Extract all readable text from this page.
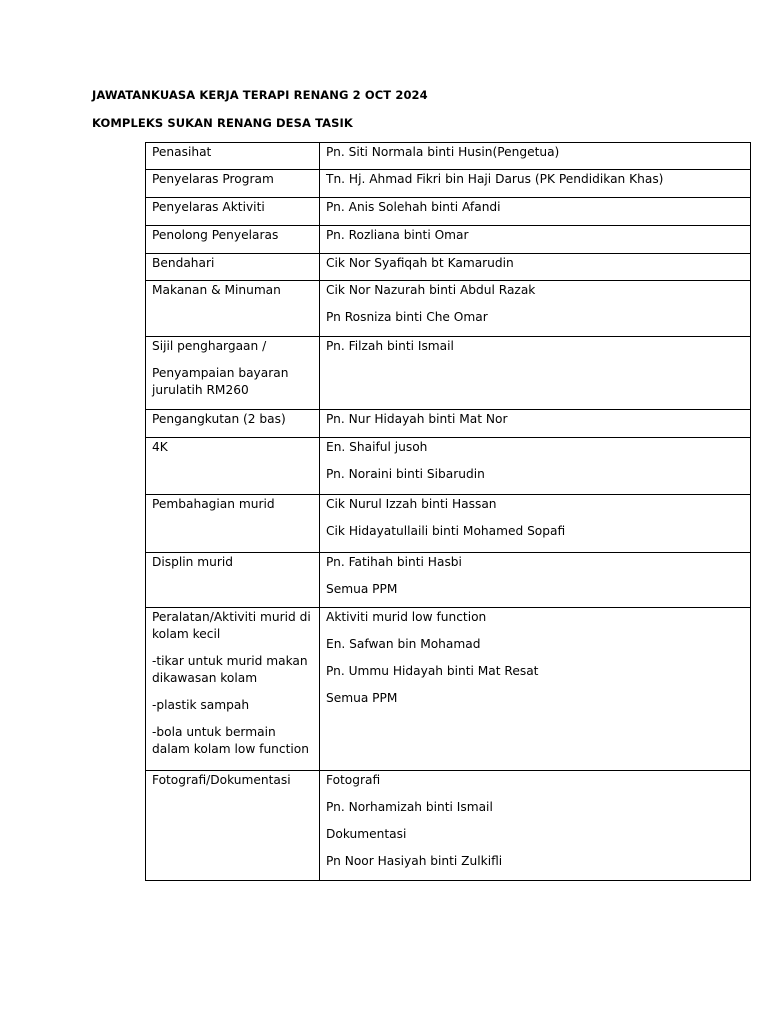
JAWATANKUASA KERJA TERAPI RENANG 2 OCT 2024
KOMPLEKS SUKAN RENANG DESA TASIK
Penasihat	Pn. Siti Normala binti Husin(Pengetua)

Penyelaras Program	Tn. Hj. Ahmad Fikri bin Haji Darus (PK Pendidikan Khas)

Penyelaras Aktiviti	Pn. Anis Solehah binti Afandi

Penolong Penyelaras	Pn. Rozliana binti Omar

Bendahari	Cik Nor Syafiqah bt Kamarudin

Makanan & Minuman	Cik Nor Nazurah binti Abdul Razak
Pn Rosniza binti Che Omar

Sijil penghargaan /
Penyampaian bayaran jurulatih RM260	Pn. Filzah binti Ismail

Pengangkutan (2 bas)	Pn. Nur Hidayah binti Mat Nor

4K	En. Shaiful jusoh
Pn. Noraini binti Sibarudin

Pembahagian murid	Cik Nurul Izzah binti Hassan
Cik Hidayatullaili binti Mohamed Sopafi

Displin murid	Pn. Fatihah binti Hasbi
Semua PPM

Peralatan/Aktiviti murid di kolam kecil
-tikar untuk murid makan dikawasan kolam
-plastik sampah
-bola untuk bermain dalam kolam low function	Aktiviti murid low function
En. Safwan bin Mohamad
Pn. Ummu Hidayah binti Mat Resat
Semua PPM

Fotografi/Dokumentasi	Fotografi
Pn. Norhamizah binti Ismail
Dokumentasi
Pn Noor Hasiyah binti Zulkifli
